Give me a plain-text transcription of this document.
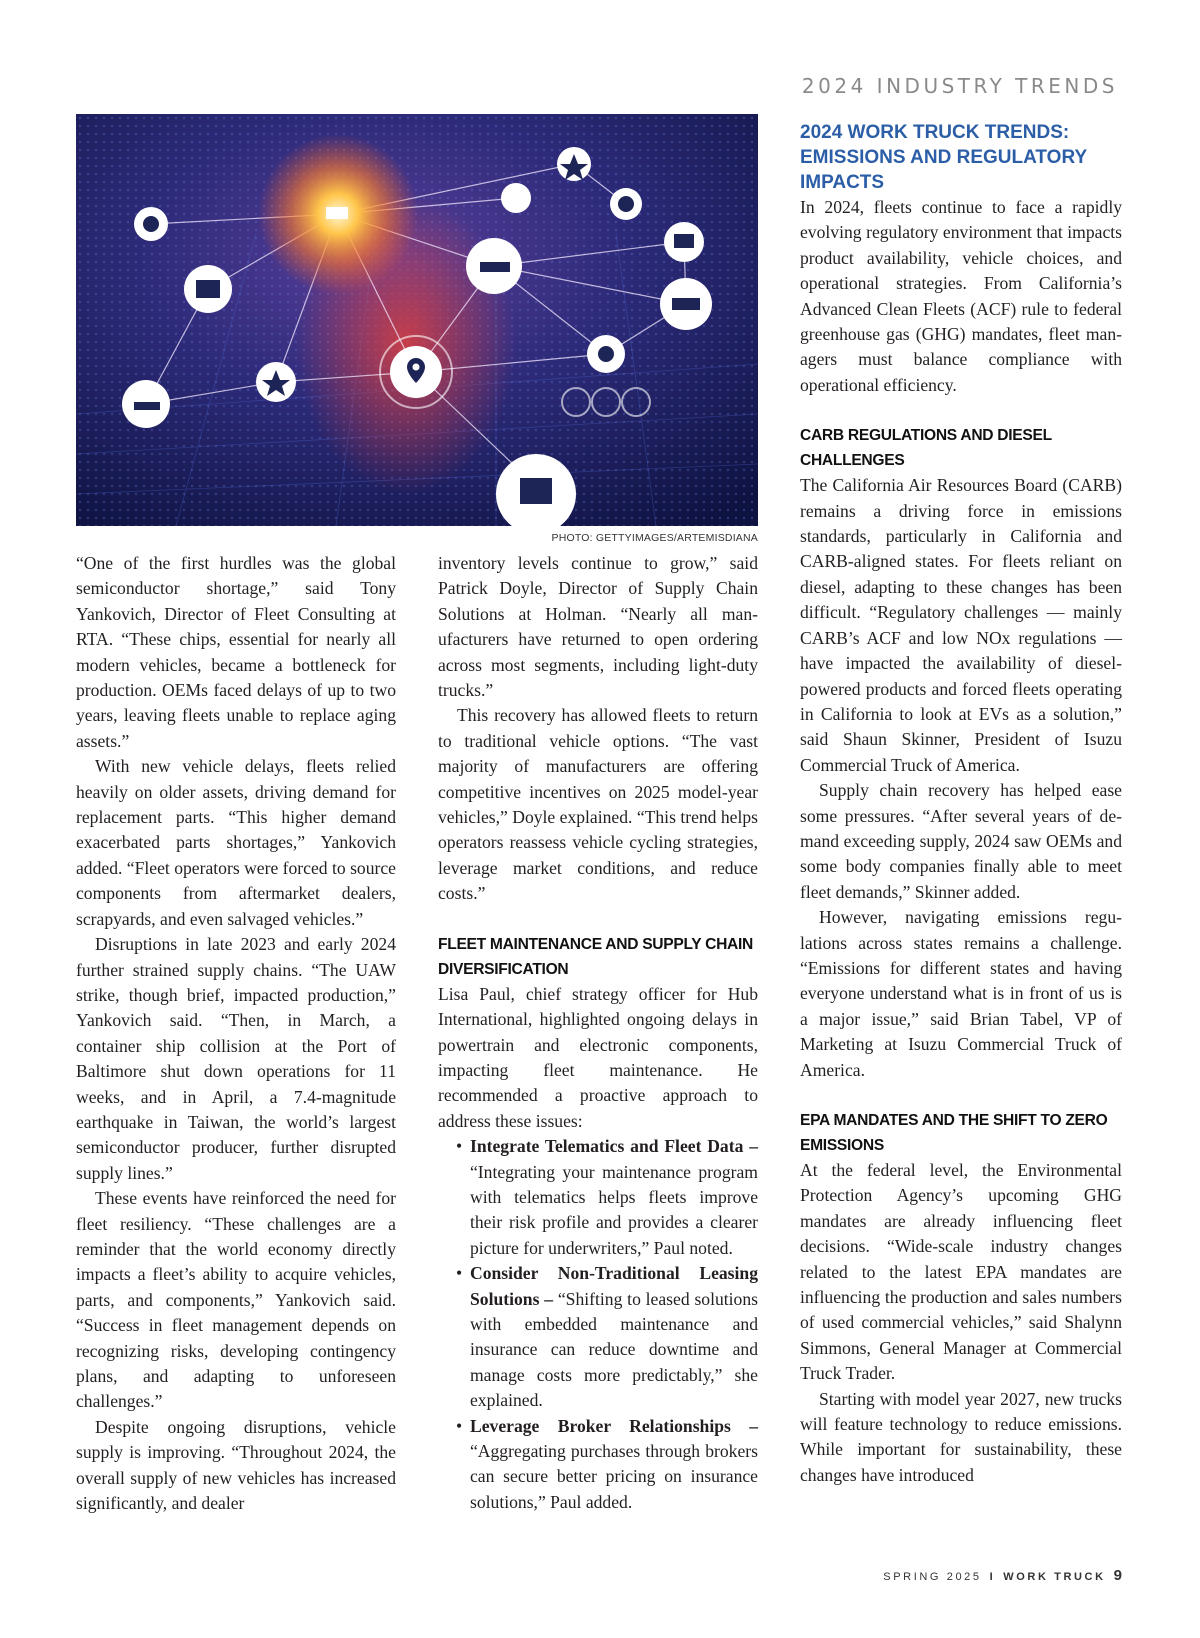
2024 INDUSTRY TRENDS
PHOTO: GETTYIMAGES/ARTEMISDIANA

“One of the first hurdles was the global semiconductor shortage,” said Tony Yankovich, Director of Fleet Consulting at RTA. “These chips, essential for nearly all modern vehicles, became a bottleneck for production. OEMs faced delays of up to two years, leaving fleets unable to replace aging assets.”

With new vehicle delays, fleets relied heavily on older assets, driving demand for replacement parts. “This higher demand exacerbated parts shortages,” Yankovich added. “Fleet operators were forced to source components from aftermarket dealers, scrapyards, and even salvaged vehicles.”

Disruptions in late 2023 and early 2024 further strained supply chains. “The UAW strike, though brief, impacted production,” Yankovich said. “Then, in March, a container ship collision at the Port of Baltimore shut down operations for 11 weeks, and in April, a 7.4-magnitude earthquake in Taiwan, the world’s largest semiconductor producer, further disrupted supply lines.”

These events have reinforced the need for fleet resiliency. “These challenges are a reminder that the world economy directly impacts a fleet’s ability to acquire vehicles, parts, and components,” Yankovich said. “Success in fleet management depends on recognizing risks, developing contingency plans, and adapting to unforeseen challenges.”

Despite ongoing disruptions, vehicle supply is improving. “Throughout 2024, the overall supply of new vehicles has increased significantly, and dealer

inventory levels continue to grow,” said Patrick Doyle, Director of Supply Chain Solutions at Holman. “Nearly all manufacturers have returned to open ordering across most segments, including light-duty trucks.”

This recovery has allowed fleets to return to traditional vehicle options. “The vast majority of manufacturers are offering competitive incentives on 2025 model-year vehicles,” Doyle explained. “This trend helps operators reassess vehicle cycling strategies, leverage market conditions, and reduce costs.”

FLEET MAINTENANCE AND SUPPLY CHAIN DIVERSIFICATION

Lisa Paul, chief strategy officer for Hub International, highlighted ongoing delays in powertrain and electronic components, impacting fleet maintenance. He recommended a proactive approach to address these issues:

• Integrate Telematics and Fleet Data – “Integrating your maintenance program with telematics helps fleets improve their risk profile and provides a clearer picture for underwriters,” Paul noted.
• Consider Non-Traditional Leasing Solutions – “Shifting to leased solutions with embedded maintenance and insurance can reduce downtime and manage costs more predictably,” she explained.
• Leverage Broker Relationships – “Aggregating purchases through brokers can secure better pricing on insurance solutions,” Paul added.
2024 WORK TRUCK TRENDS: EMISSIONS AND REGULATORY IMPACTS

In 2024, fleets continue to face a rapidly evolving regulatory environment that impacts product availability, vehicle choices, and operational strategies. From California’s Advanced Clean Fleets (ACF) rule to federal greenhouse gas (GHG) mandates, fleet managers must balance compliance with operational efficiency.

CARB REGULATIONS AND DIESEL CHALLENGES

The California Air Resources Board (CARB) remains a driving force in emissions standards, particularly in California and CARB-aligned states. For fleets reliant on diesel, adapting to these changes has been difficult. “Regulatory challenges — mainly CARB’s ACF and low NOx regulations — have impacted the availability of diesel-powered products and forced fleets operating in California to look at EVs as a solution,” said Shaun Skinner, President of Isuzu Commercial Truck of America.

Supply chain recovery has helped ease some pressures. “After several years of demand exceeding supply, 2024 saw OEMs and some body companies finally able to meet fleet demands,” Skinner added.

However, navigating emissions regulations across states remains a challenge. “Emissions for different states and having everyone understand what is in front of us is a major issue,” said Brian Tabel, VP of Marketing at Isuzu Commercial Truck of America.

EPA MANDATES AND THE SHIFT TO ZERO EMISSIONS

At the federal level, the Environmental Protection Agency’s upcoming GHG mandates are already influencing fleet decisions. “Wide-scale industry changes related to the latest EPA mandates are influencing the production and sales numbers of used commercial vehicles,” said Shalynn Simmons, General Manager at Commercial Truck Trader.

Starting with model year 2027, new trucks will feature technology to reduce emissions. While important for sustainability, these changes have introduced

SPRING 2025 I WORK TRUCK 9
